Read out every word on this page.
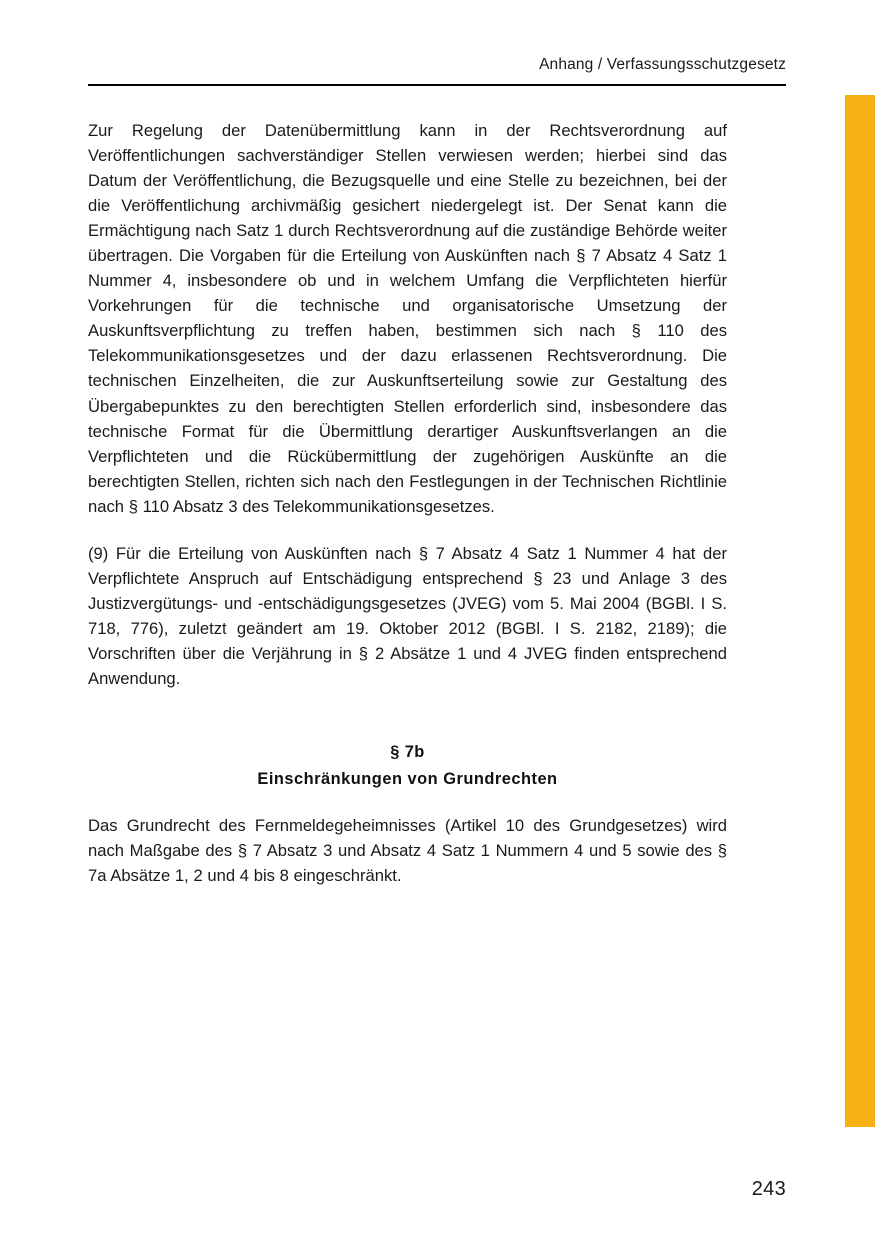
Anhang / Verfassungsschutzgesetz

Zur Regelung der Datenübermittlung kann in der Rechtsverordnung auf Veröffentlichungen sachverständiger Stellen verwiesen werden; hierbei sind das Datum der Veröffentlichung, die Bezugsquelle und eine Stelle zu bezeichnen, bei der die Veröffentlichung archivmäßig gesichert niedergelegt ist. Der Senat kann die Ermächtigung nach Satz 1 durch Rechtsverordnung auf die zuständige Behörde weiter übertragen. Die Vorgaben für die Erteilung von Auskünften nach § 7 Absatz 4 Satz 1 Nummer 4, insbesondere ob und in welchem Umfang die Verpflichteten hierfür Vorkehrungen für die technische und organisatorische Umsetzung der Auskunftsverpflichtung zu treffen haben, bestimmen sich nach § 110 des Telekommunikationsgesetzes und der dazu erlassenen Rechtsverordnung. Die technischen Einzelheiten, die zur Auskunftserteilung sowie zur Gestaltung des Übergabepunktes zu den berechtigten Stellen erforderlich sind, insbesondere das technische Format für die Übermittlung derartiger Auskunftsverlangen an die Verpflichteten und die Rückübermittlung der zugehörigen Auskünfte an die berechtigten Stellen, richten sich nach den Festlegungen in der Technischen Richtlinie nach § 110 Absatz 3 des Telekommunikationsgesetzes.

(9) Für die Erteilung von Auskünften nach § 7 Absatz 4 Satz 1 Nummer 4 hat der Verpflichtete Anspruch auf Entschädigung entsprechend § 23 und Anlage 3 des Justizvergütungs- und -entschädigungsgesetzes (JVEG) vom 5. Mai 2004 (BGBl. I S. 718, 776), zuletzt geändert am 19. Oktober 2012 (BGBl. I S. 2182, 2189); die Vorschriften über die Verjährung in § 2 Absätze 1 und 4 JVEG finden entsprechend Anwendung.

§ 7b
Einschränkungen von Grundrechten

Das Grundrecht des Fernmeldegeheimnisses (Artikel 10 des Grundgesetzes) wird nach Maßgabe des § 7 Absatz 3 und Absatz 4 Satz 1 Nummern 4 und 5 sowie des § 7a Absätze 1, 2 und 4 bis 8 eingeschränkt.

243
